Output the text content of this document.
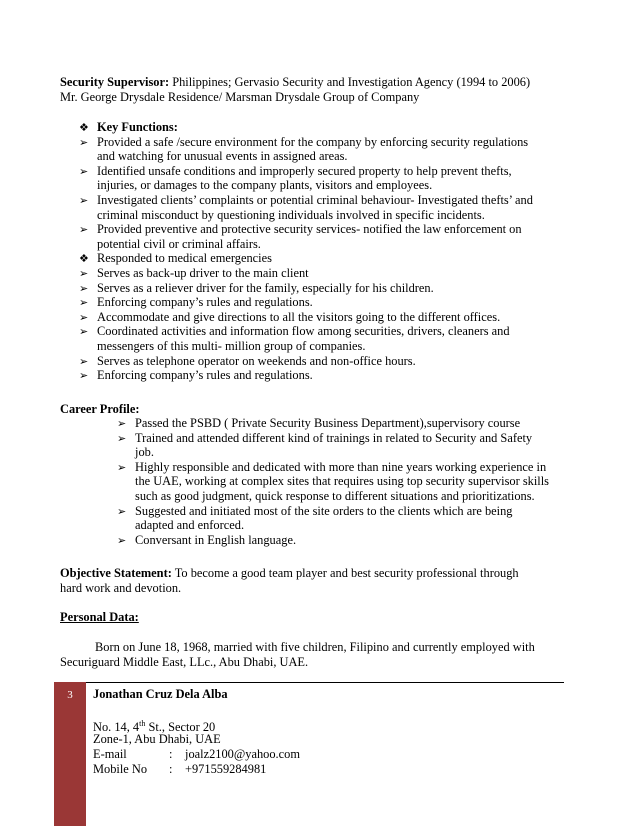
Security Supervisor: Philippines; Gervasio Security and Investigation Agency (1994 to 2006)
Mr. George Drysdale Residence/ Marsman Drysdale Group of Company
❖ Key Functions:
➢ Provided a safe /secure environment for the company by enforcing security regulations
and watching for unusual events in assigned areas.
➢ Identified unsafe conditions and improperly secured property to help prevent thefts,
injuries, or damages to the company plants, visitors and employees.
➢ Investigated clients’ complaints or potential criminal behaviour- Investigated thefts’ and
criminal misconduct by questioning individuals involved in specific incidents.
➢ Provided preventive and protective security services- notified the law enforcement on
potential civil or criminal affairs.
❖ Responded to medical emergencies
➢ Serves as back-up driver to the main client
➢ Serves as a reliever driver for the family, especially for his children.
➢ Enforcing company’s rules and regulations.
➢ Accommodate and give directions to all the visitors going to the different offices.
➢ Coordinated activities and information flow among securities, drivers, cleaners and
messengers of this multi- million group of companies.
➢ Serves as telephone operator on weekends and non-office hours.
➢ Enforcing company’s rules and regulations.
Career Profile:
➢ Passed the PSBD ( Private Security Business Department),supervisory course
➢ Trained and attended different kind of trainings in related to Security and Safety
job.
➢ Highly responsible and dedicated with more than nine years working experience in
the UAE, working at complex sites that requires using top security supervisor skills
such as good judgment, quick response to different situations and prioritizations.
➢ Suggested and initiated most of the site orders to the clients which are being
adapted and enforced.
➢ Conversant in English language.
Objective Statement: To become a good team player and best security professional through
hard work and devotion.
Personal Data:
Born on June 18, 1968, married with five children, Filipino and currently employed with
Securiguard Middle East, LLc., Abu Dhabi, UAE.
3	Jonathan Cruz Dela Alba
No. 14, 4th St., Sector 20
Zone-1, Abu Dhabi, UAE
E-mail	: joalz2100@yahoo.com
Mobile No : +971559284981
